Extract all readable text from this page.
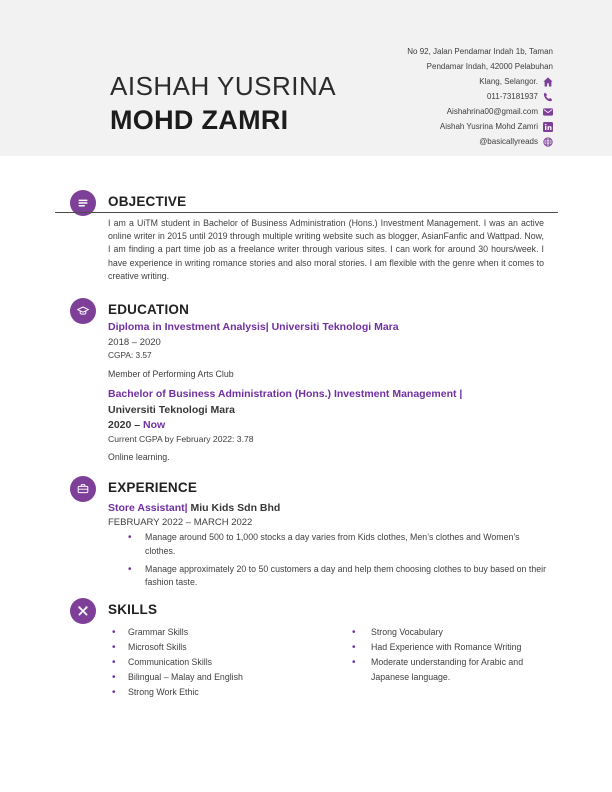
AISHAH YUSRINA
MOHD ZAMRI
No 92, Jalan Pendamar Indah 1b, Taman
Pendamar Indah, 42000 Pelabuhan
Klang, Selangor.
011-73181937
Aishahrina00@gmail.com
Aishah Yusrina Mohd Zamri
@basicallyreads
OBJECTIVE
I am a UiTM student in Bachelor of Business Administration (Hons.) Investment Management. I was an active online writer in 2015 until 2019 through multiple writing website such as blogger, AsianFanfic and Wattpad. Now, I am finding a part time job as a freelance writer through various sites. I can work for around 30 hours/week. I have experience in writing romance stories and also moral stories. I am flexible with the genre when it comes to creative writing.
EDUCATION
Diploma in Investment Analysis| Universiti Teknologi Mara
2018 – 2020
CGPA: 3.57
Member of Performing Arts Club
Bachelor of Business Administration (Hons.) Investment Management |
Universiti Teknologi Mara
2020 – Now
Current CGPA by February 2022: 3.78
Online learning.
EXPERIENCE
Store Assistant| Miu Kids Sdn Bhd
FEBRUARY 2022 – MARCH 2022
• Manage around 500 to 1,000 stocks a day varies from Kids clothes, Men’s clothes and Women’s clothes.
• Manage approximately 20 to 50 customers a day and help them choosing clothes to buy based on their fashion taste.
SKILLS
• Grammar Skills
• Microsoft Skills
• Communication Skills
• Bilingual – Malay and English
• Strong Work Ethic
• Strong Vocabulary
• Had Experience with Romance Writing
• Moderate understanding for Arabic and Japanese language.
